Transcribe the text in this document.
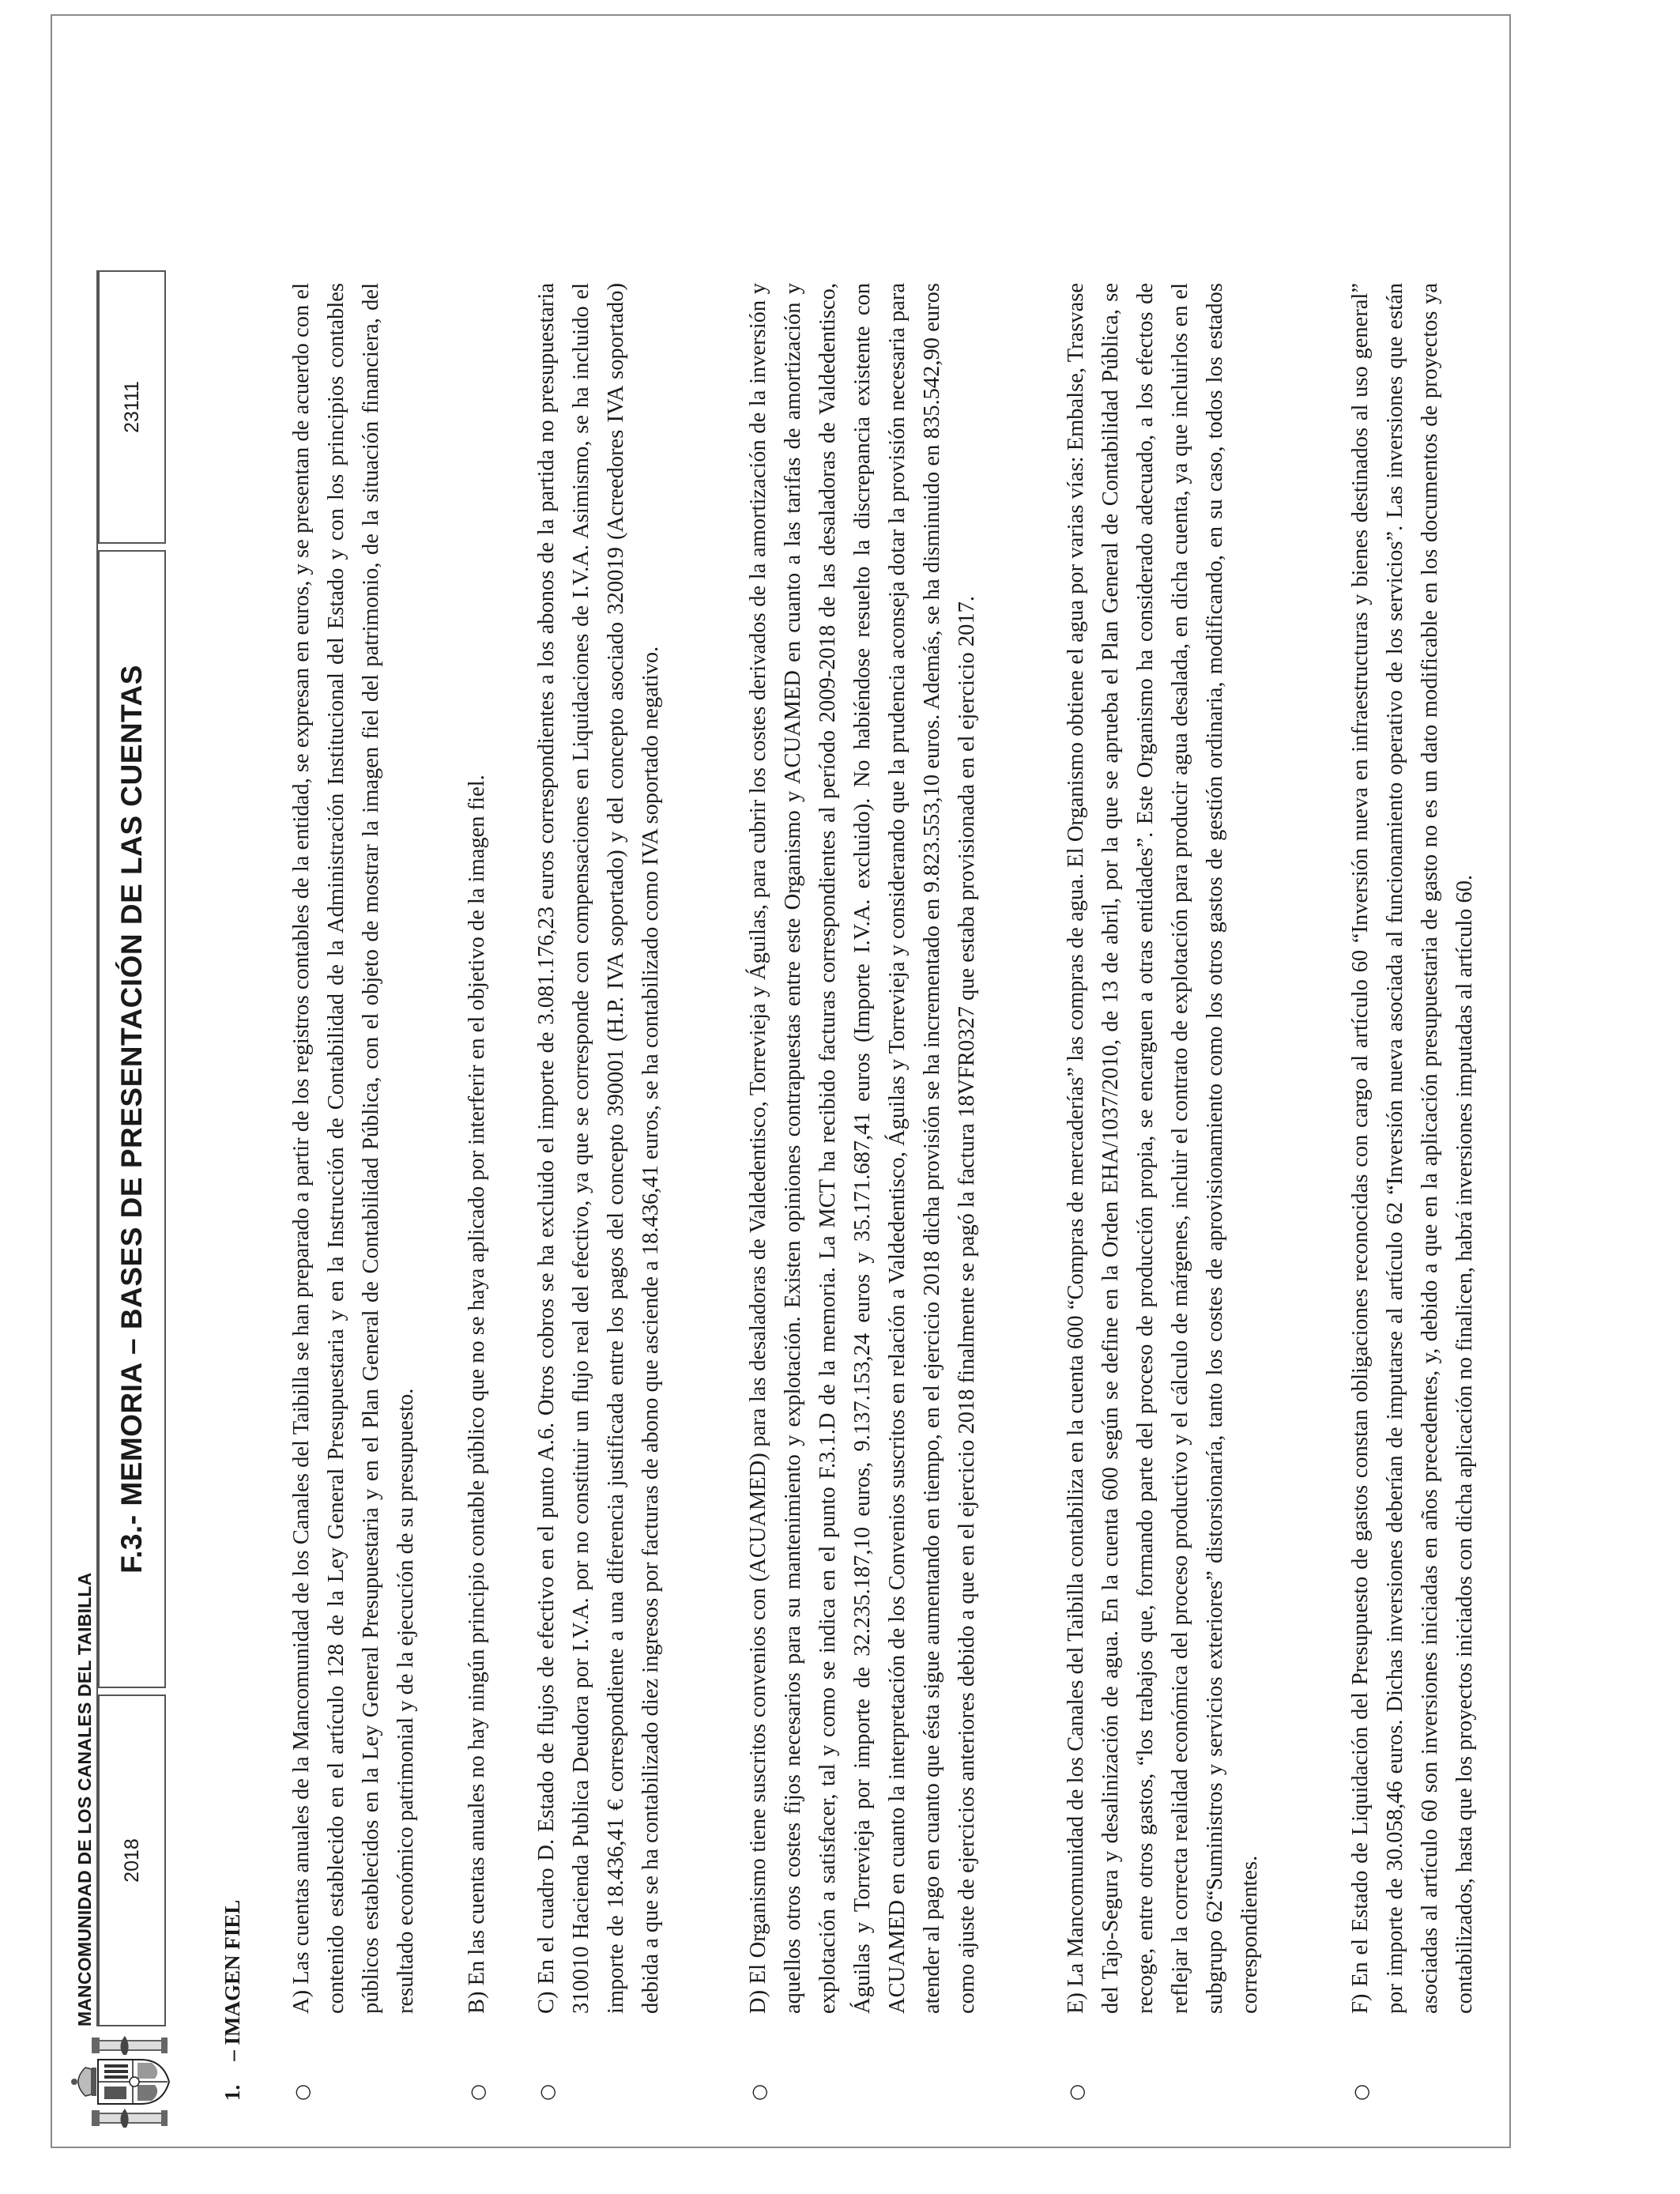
MANCOMUNIDAD DE LOS CANALES DEL TAIBILLA 2018
F.3.- MEMORIA – BASES DE PRESENTACIÓN DE LAS CUENTAS
23111
1.– IMAGEN FIEL
○
A) Las cuentas anuales de la Mancomunidad de los Canales del Taibilla se han preparado a partir de los registros contables de la entidad, se expresan en euros, y se presentan de acuerdo con el contenido establecido en el artículo 128 de la Ley General Presupuestaria y en la Instrucción de Contabilidad de la Administración Institucional del Estado y con los principios contables públicos establecidos en la Ley General Presupuestaria y en el Plan General de Contabilidad Pública, con el objeto de mostrar la imagen fiel del patrimonio, de la situación financiera, del resultado económico patrimonial y de la ejecución de su presupuesto.
○
B) En las cuentas anuales no hay ningún principio contable público que no se haya aplicado por interferir en el objetivo de la imagen fiel.
○
C) En el cuadro D. Estado de flujos de efectivo en el punto A.6. Otros cobros se ha excluido el importe de 3.081.176,23 euros correspondientes a los abonos de la partida no presupuestaria 310010 Hacienda Publica Deudora por I.V.A. por no constituir un flujo real del efectivo, ya que se corresponde con compensaciones en Liquidaciones de I.V.A. Asimismo, se ha incluido el importe de 18.436,41 € correspondiente a una diferencia justificada entre los pagos del concepto 390001 (H.P. IVA soportado) y del concepto asociado 320019 (Acreedores IVA soportado) debida a que se ha contabilizado diez ingresos por facturas de abono que asciende a 18.436,41 euros, se ha contabilizado como IVA soportado negativo.
○
D) El Organismo tiene suscritos convenios con (ACUAMED) para las desaladoras de Valdedentisco, Torrevieja y Águilas, para cubrir los costes derivados de la amortización de la inversión y aquellos otros costes fijos necesarios para su mantenimiento y explotación. Existen opiniones contrapuestas entre este Organismo y ACUAMED en cuanto a las tarifas de amortización y explotación a satisfacer, tal y como se indica en el punto F.3.1.D de la memoria. La MCT ha recibido facturas correspondientes al período 2009-2018 de las desaladoras de Valdedentisco, Águilas y Torrevieja por importe de 32.235.187,10 euros, 9.137.153,24 euros y 35.171.687,41 euros (Importe I.V.A. excluido). No habiéndose resuelto la discrepancia existente con ACUAMED en cuanto la interpretación de los Convenios suscritos en relación a Valdedentisco, Águilas y Torrevieja y considerando que la prudencia aconseja dotar la provisión necesaria para atender al pago en cuanto que ésta sigue aumentando en tiempo, en el ejercicio 2018 dicha provisión se ha incrementado en 9.823.553,10 euros. Además, se ha disminuido en 835.542,90 euros como ajuste de ejercicios anteriores debido a que en el ejercicio 2018 finalmente se pagó la factura 18VFR0327 que estaba provisionada en el ejercicio 2017.
○
E) La Mancomunidad de los Canales del Taibilla contabiliza en la cuenta 600 “Compras de mercaderías” las compras de agua. El Organismo obtiene el agua por varias vías: Embalse, Trasvase del Tajo-Segura y desalinización de agua. En la cuenta 600 según se define en la Orden EHA/1037/2010, de 13 de abril, por la que se aprueba el Plan General de Contabilidad Pública, se recoge, entre otros gastos, “los trabajos que, formando parte del proceso de producción propia, se encarguen a otras entidades”. Este Organismo ha considerado adecuado, a los efectos de reflejar la correcta realidad económica del proceso productivo y el cálculo de márgenes, incluir el contrato de explotación para producir agua desalada, en dicha cuenta, ya que incluirlos en el subgrupo 62“Suministros y servicios exteriores” distorsionaría, tanto los costes de aprovisionamiento como los otros gastos de gestión ordinaria, modificando, en su caso, todos los estados correspondientes.
○
F) En el Estado de Liquidación del Presupuesto de gastos constan obligaciones reconocidas con cargo al artículo 60 “Inversión nueva en infraestructuras y bienes destinados al uso general” por importe de 30.058,46 euros. Dichas inversiones deberían de imputarse al artículo 62 “Inversión nueva asociada al funcionamiento operativo de los servicios”. Las inversiones que están asociadas al artículo 60 son inversiones iniciadas en años precedentes, y, debido a que en la aplicación presupuestaria de gasto no es un dato modificable en los documentos de proyectos ya contabilizados, hasta que los proyectos iniciados con dicha aplicación no finalicen, habrá inversiones imputadas al artículo 60.
